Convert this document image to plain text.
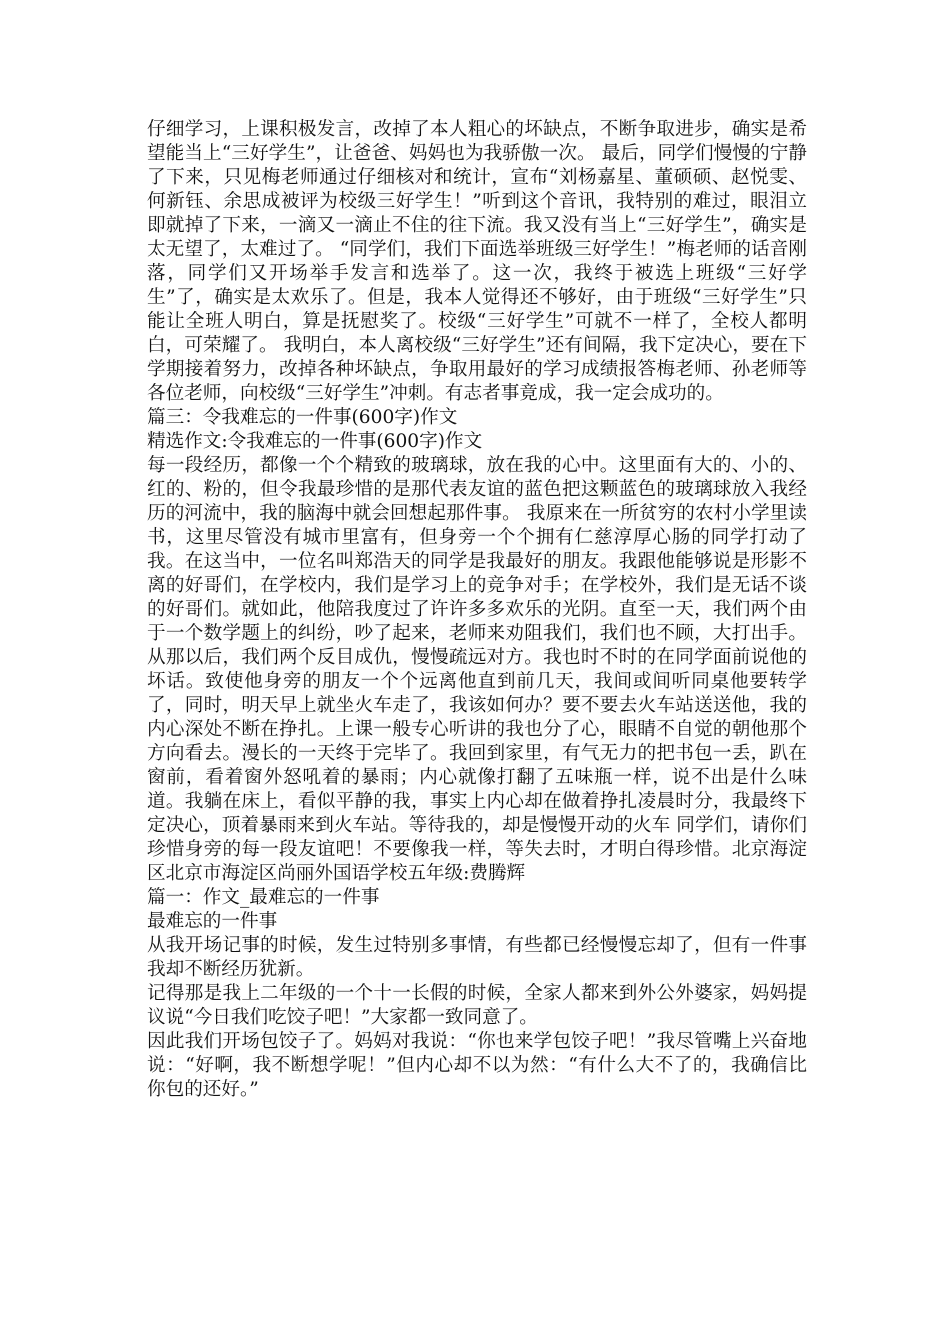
仔细学习，上课积极发言，改掉了本人粗心的坏缺点，不断争取进步，确实是希望能当上“三好学生”，让爸爸、妈妈也为我骄傲一次。 最后，同学们慢慢的宁静了下来，只见梅老师通过仔细核对和统计，宣布“刘杨嘉星、董硕硕、赵悦雯、何新钰、余思成被评为校级三好学生！”听到这个音讯，我特别的难过，眼泪立即就掉了下来，一滴又一滴止不住的往下流。我又没有当上“三好学生”，确实是太无望了，太难过了。 “同学们，我们下面选举班级三好学生！”梅老师的话音刚落，同学们又开场举手发言和选举了。这一次，我终于被选上班级“三好学生”了，确实是太欢乐了。但是，我本人觉得还不够好，由于班级“三好学生”只能让全班人明白，算是抚慰奖了。校级“三好学生”可就不一样了，全校人都明白，可荣耀了。 我明白，本人离校级“三好学生”还有间隔，我下定决心，要在下学期接着努力，改掉各种坏缺点，争取用最好的学习成绩报答梅老师、孙老师等各位老师，向校级“三好学生”冲刺。有志者事竟成，我一定会成功的。

篇三：令我难忘的一件事(600字)作文

精选作文:令我难忘的一件事(600字)作文

每一段经历，都像一个个精致的玻璃球，放在我的心中。这里面有大的、小的、红的、粉的，但令我最珍惜的是那代表友谊的蓝色把这颗蓝色的玻璃球放入我经历的河流中，我的脑海中就会回想起那件事。 我原来在一所贫穷的农村小学里读书，这里尽管没有城市里富有，但身旁一个个拥有仁慈淳厚心肠的同学打动了我。在这当中，一位名叫郑浩天的同学是我最好的朋友。我跟他能够说是形影不离的好哥们，在学校内，我们是学习上的竞争对手；在学校外，我们是无话不谈的好哥们。就如此，他陪我度过了许许多多欢乐的光阴。直至一天，我们两个由于一个数学题上的纠纷，吵了起来，老师来劝阻我们，我们也不顾，大打出手。从那以后，我们两个反目成仇，慢慢疏远对方。我也时不时的在同学面前说他的坏话。致使他身旁的朋友一个个远离他直到前几天，我间或间听同桌他要转学了，同时，明天早上就坐火车走了，我该如何办？要不要去火车站送送他，我的内心深处不断在挣扎。上课一般专心听讲的我也分了心，眼睛不自觉的朝他那个方向看去。漫长的一天终于完毕了。我回到家里，有气无力的把书包一丢，趴在窗前，看着窗外怒吼着的暴雨；内心就像打翻了五味瓶一样，说不出是什么味道。我躺在床上，看似平静的我，事实上内心却在做着挣扎凌晨时分，我最终下定决心，顶着暴雨来到火车站。等待我的，却是慢慢开动的火车 同学们，请你们珍惜身旁的每一段友谊吧！不要像我一样，等失去时，才明白得珍惜。北京海淀区北京市海淀区尚丽外国语学校五年级:费腾辉

篇一：作文_最难忘的一件事

最难忘的一件事

从我开场记事的时候，发生过特别多事情，有些都已经慢慢忘却了，但有一件事我却不断经历犹新。

记得那是我上二年级的一个十一长假的时候，全家人都来到外公外婆家，妈妈提议说“今日我们吃饺子吧！”大家都一致同意了。

因此我们开场包饺子了。妈妈对我说：“你也来学包饺子吧！”我尽管嘴上兴奋地说：“好啊，我不断想学呢！”但内心却不以为然：“有什么大不了的，我确信比你包的还好。”
